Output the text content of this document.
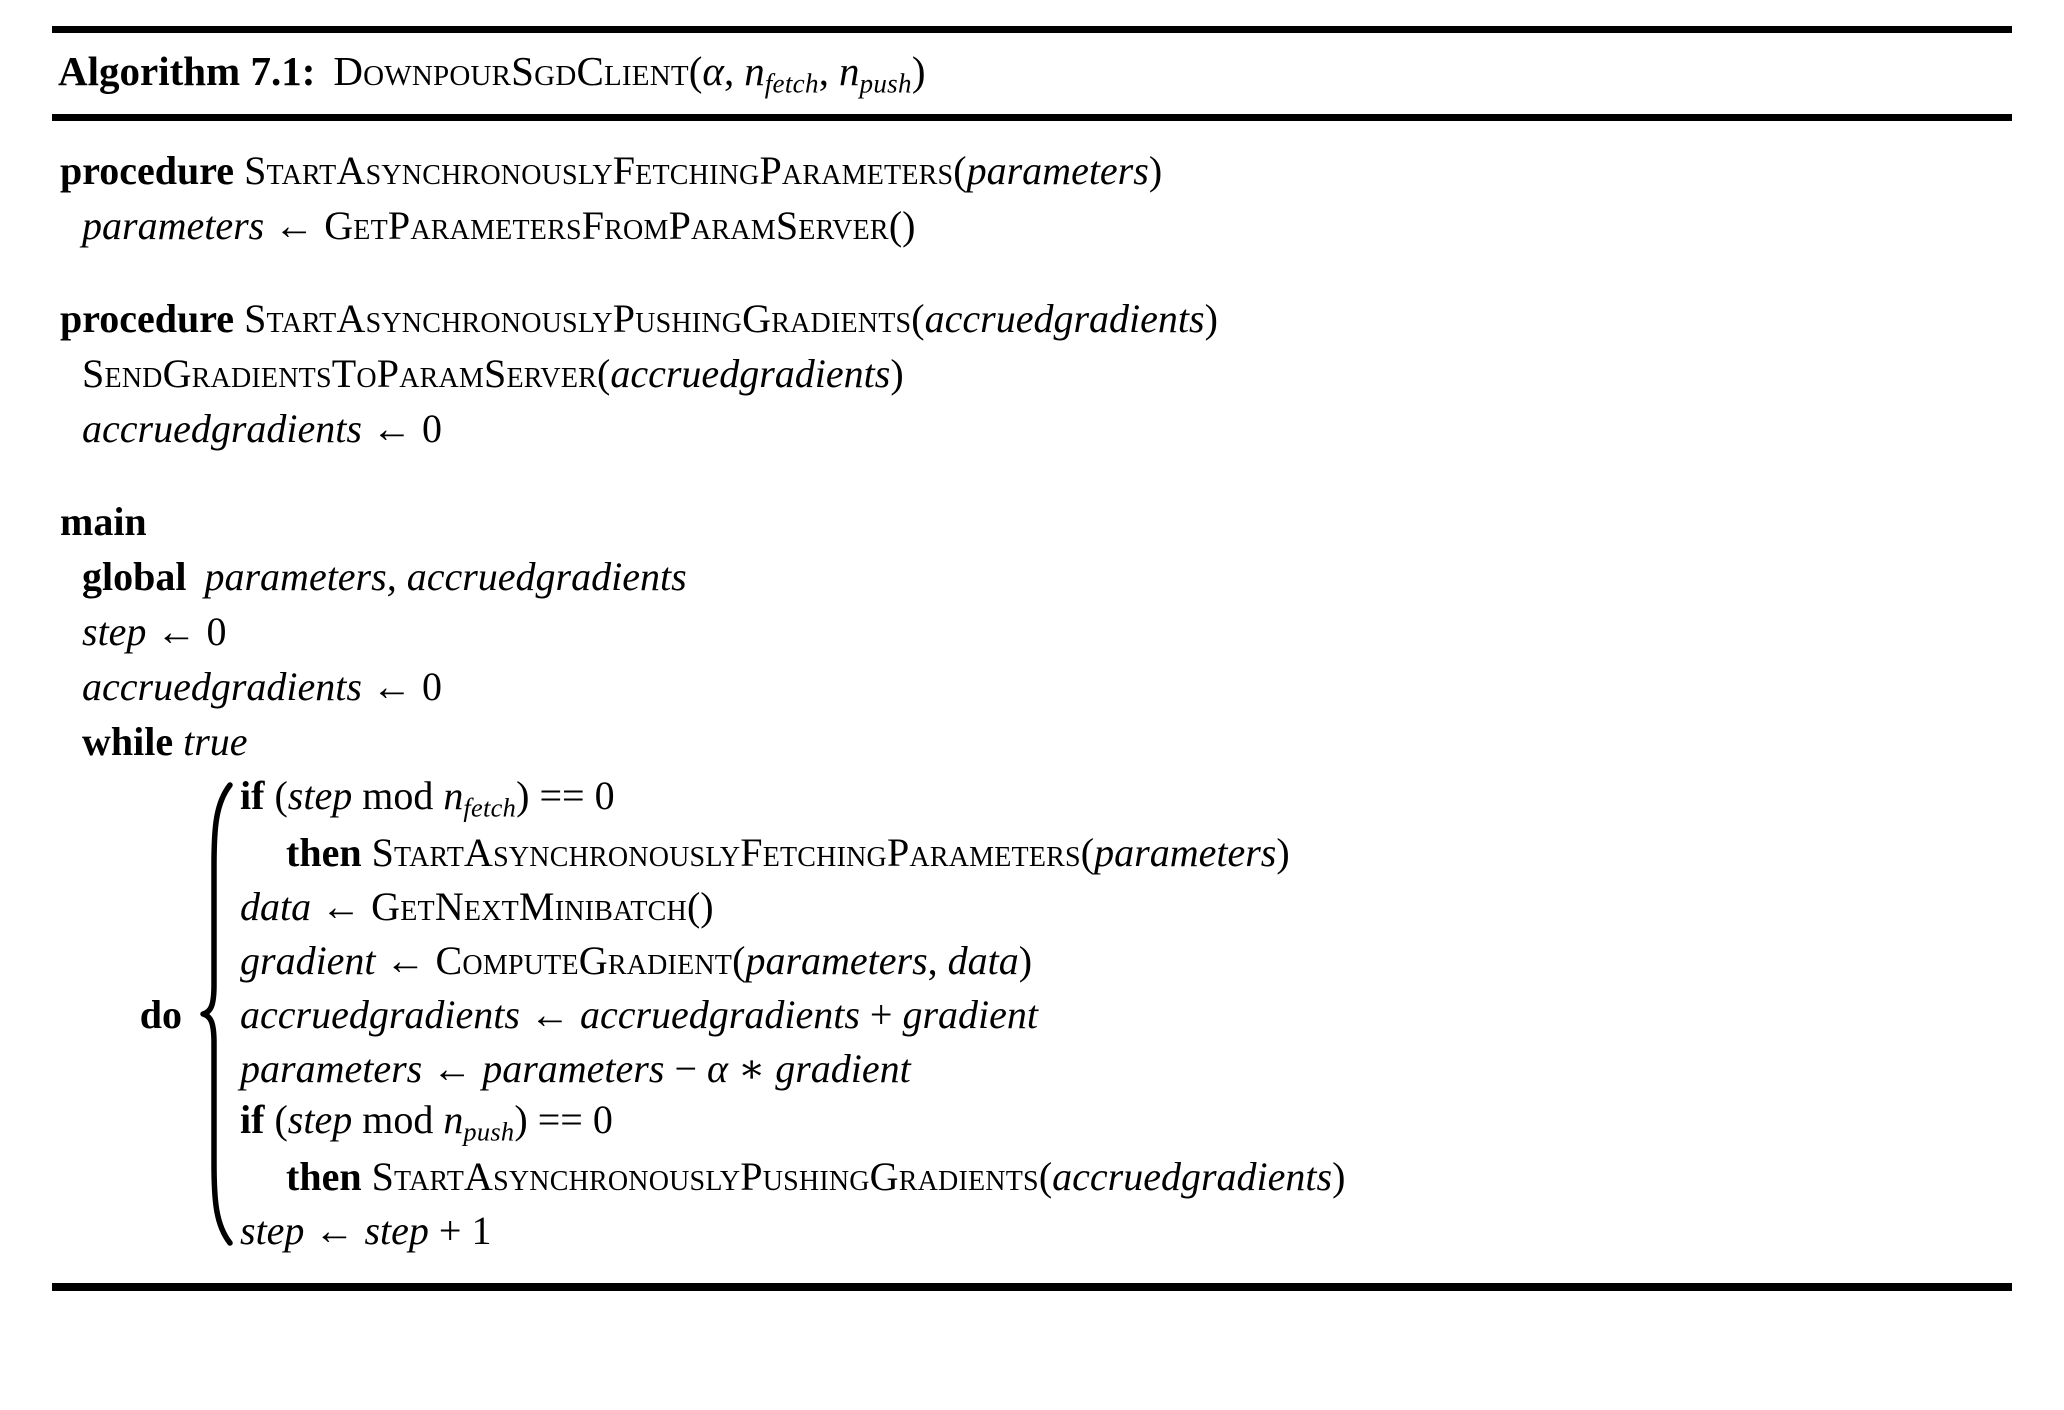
Algorithm 7.1: DownpourSgdClient(α, $n_{fetch}$, $n_{push}$)
procedure StartAsynchronouslyFetchingParameters(parameters)
parameters ← GetParametersFromParamServer()
procedure StartAsynchronouslyPushingGradients(accruedgradients)
SendGradientsToParamServer(accruedgradients)
accruedgradients ← 0
main
global parameters, accruedgradients
step ← 0
accruedgradients ← 0
while true
do
if (step mod $n_{fetch}) == 0$
then StartAsynchronouslyFetchingParameters(parameters)
data ← GetNextMinibatch()
gradient ← ComputeGradient(parameters, data)
accruedgradients ← accruedgradients + gradient
parameters ← parameters − α ∗ gradient
if (step mod $n_{push}) == 0$
then StartAsynchronouslyPushingGradients(accruedgradients)
step ← step + 1
